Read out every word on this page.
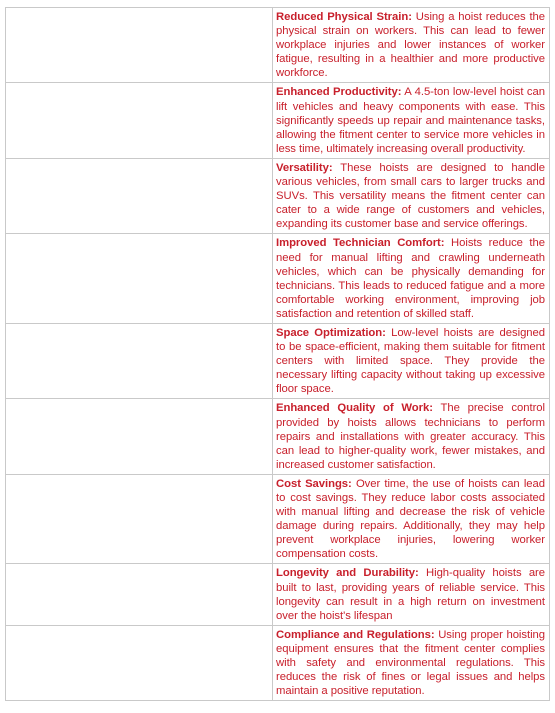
	Reduced Physical Strain: Using a hoist reduces the physical strain on workers. This can lead to fewer workplace injuries and lower instances of worker fatigue, resulting in a healthier and more productive workforce.

	Enhanced Productivity: A 4.5-ton low-level hoist can lift vehicles and heavy components with ease. This significantly speeds up repair and maintenance tasks, allowing the fitment center to service more vehicles in less time, ultimately increasing overall productivity.

	Versatility: These hoists are designed to handle various vehicles, from small cars to larger trucks and SUVs. This versatility means the fitment center can cater to a wide range of customers and vehicles, expanding its customer base and service offerings.

	Improved Technician Comfort: Hoists reduce the need for manual lifting and crawling underneath vehicles, which can be physically demanding for technicians. This leads to reduced fatigue and a more comfortable working environment, improving job satisfaction and retention of skilled staff.

	Space Optimization: Low-level hoists are designed to be space-efficient, making them suitable for fitment centers with limited space. They provide the necessary lifting capacity without taking up excessive floor space.

	Enhanced Quality of Work: The precise control provided by hoists allows technicians to perform repairs and installations with greater accuracy. This can lead to higher-quality work, fewer mistakes, and increased customer satisfaction.

	Cost Savings: Over time, the use of hoists can lead to cost savings. They reduce labor costs associated with manual lifting and decrease the risk of vehicle damage during repairs. Additionally, they may help prevent workplace injuries, lowering worker compensation costs.

	Longevity and Durability: High-quality hoists are built to last, providing years of reliable service. This longevity can result in a high return on investment over the hoist's lifespan

	Compliance and Regulations: Using proper hoisting equipment ensures that the fitment center complies with safety and environmental regulations. This reduces the risk of fines or legal issues and helps maintain a positive reputation.
